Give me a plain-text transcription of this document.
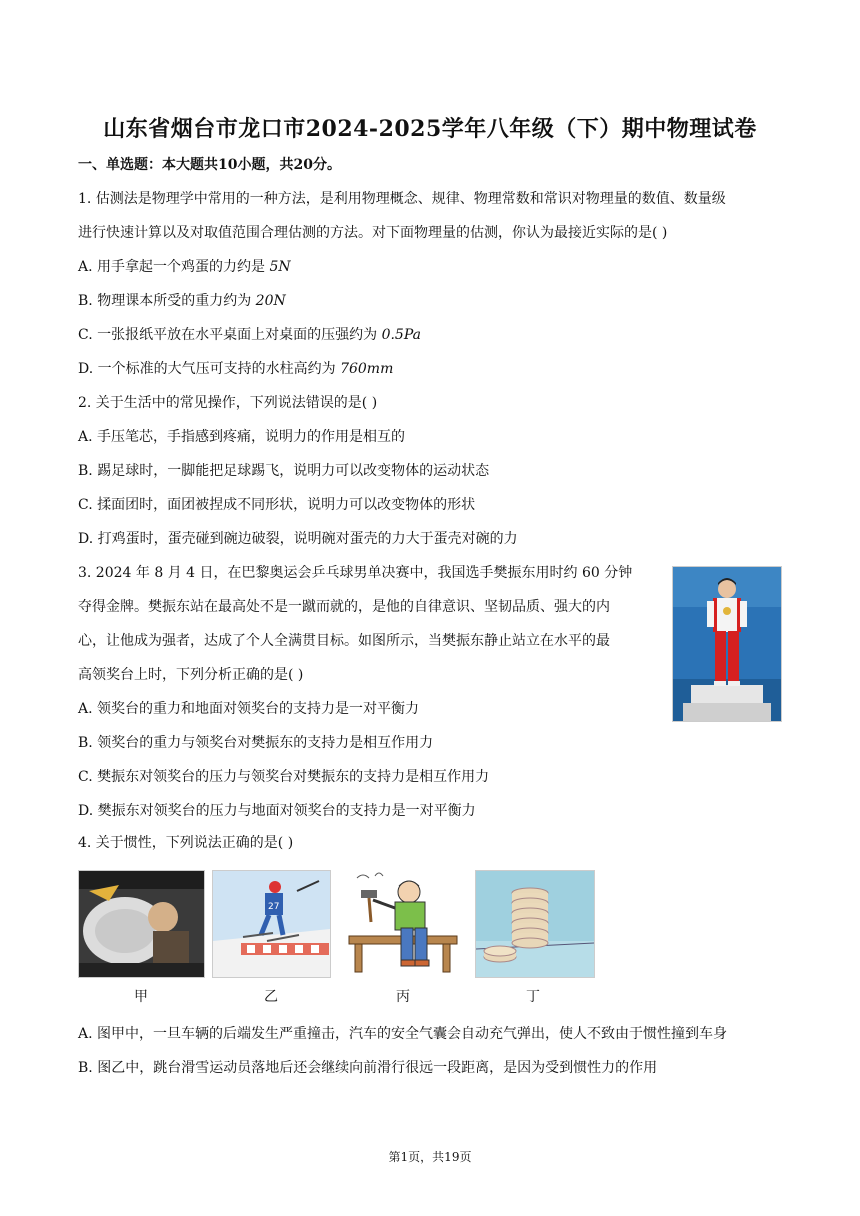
山东省烟台市龙口市2024-2025学年八年级（下）期中物理试卷
一、单选题：本大题共10小题，共20分。
1. 估测法是物理学中常用的一种方法，是利用物理概念、规律、物理常数和常识对物理量的数值、数量级
进行快速计算以及对取值范围合理估测的方法。对下面物理量的估测，你认为最接近实际的是( )
A. 用手拿起一个鸡蛋的力约是 5N
B. 物理课本所受的重力约为 20N
C. 一张报纸平放在水平桌面上对桌面的压强约为 0.5Pa
D. 一个标准的大气压可支持的水柱高约为 760mm
2. 关于生活中的常见操作，下列说法错误的是( )
A. 手压笔芯，手指感到疼痛，说明力的作用是相互的
B. 踢足球时，一脚能把足球踢飞，说明力可以改变物体的运动状态
C. 揉面团时，面团被捏成不同形状，说明力可以改变物体的形状
D. 打鸡蛋时，蛋壳碰到碗边破裂，说明碗对蛋壳的力大于蛋壳对碗的力
3. 2024 年 8 月 4 日，在巴黎奥运会乒乓球男单决赛中，我国选手樊振东用时约 60 分钟
夺得金牌。樊振东站在最高处不是一蹴而就的，是他的自律意识、坚韧品质、强大的内
心，让他成为强者，达成了个人全满贯目标。如图所示，当樊振东静止站立在水平的最
高领奖台上时，下列分析正确的是( )
A. 领奖台的重力和地面对领奖台的支持力是一对平衡力
B. 领奖台的重力与领奖台对樊振东的支持力是相互作用力
C. 樊振东对领奖台的压力与领奖台对樊振东的支持力是相互作用力
D. 樊振东对领奖台的压力与地面对领奖台的支持力是一对平衡力
4. 关于惯性，下列说法正确的是( )
27
甲	乙	丙	丁
A. 图甲中，一旦车辆的后端发生严重撞击，汽车的安全气囊会自动充气弹出，使人不致由于惯性撞到车身
B. 图乙中，跳台滑雪运动员落地后还会继续向前滑行很远一段距离，是因为受到惯性力的作用
第1页，共19页
